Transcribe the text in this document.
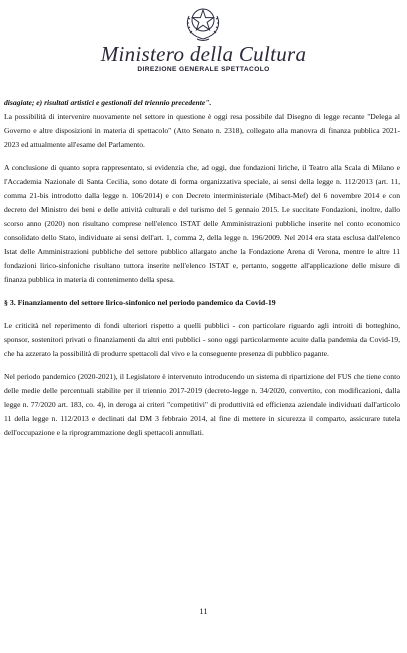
Ministero della Cultura
DIREZIONE GENERALE SPETTACOLO

disagiate; e) risultati artistici e gestionali del triennio precedente".

La possibilità di intervenire nuovamente nel settore in questione è oggi resa possibile dal Disegno di legge recante "Delega al Governo e altre disposizioni in materia di spettacolo" (Atto Senato n. 2318), collegato alla manovra di finanza pubblica 2021-2023 ed attualmente all'esame del Parlamento.

A conclusione di quanto sopra rappresentato, si evidenzia che, ad oggi, due fondazioni liriche, il Teatro alla Scala di Milano e l'Accademia Nazionale di Santa Cecilia, sono dotate di forma organizzativa speciale, ai sensi della legge n. 112/2013 (art. 11, comma 21-bis introdotto dalla legge n. 106/2014) e con Decreto interministeriale (Mibact-Mef) del 6 novembre 2014 e con decreto del Ministro dei beni e delle attività culturali e del turismo del 5 gennaio 2015. Le succitate Fondazioni, inoltre, dallo scorso anno (2020) non risultano comprese nell'elenco ISTAT delle Amministrazioni pubbliche inserite nel conto economico consolidato dello Stato, individuate ai sensi dell'art. 1, comma 2, della legge n. 196/2009. Nel 2014 era stata esclusa dall'elenco Istat delle Amministrazioni pubbliche del settore pubblico allargato anche la Fondazione Arena di Verona, mentre le altre 11 fondazioni lirico-sinfoniche risultano tuttora inserite nell'elenco ISTAT e, pertanto, soggette all'applicazione delle misure di finanza pubblica in materia di contenimento della spesa.

§ 3. Finanziamento del settore lirico-sinfonico nel periodo pandemico da Covid-19

Le criticità nel reperimento di fondi ulteriori rispetto a quelli pubblici - con particolare riguardo agli introiti di botteghino, sponsor, sostenitori privati o finanziamenti da altri enti pubblici - sono oggi particolarmente acuite dalla pandemia da Covid-19, che ha azzerato la possibilità di produrre spettacoli dal vivo e la conseguente presenza di pubblico pagante.

Nel periodo pandemico (2020-2021), il Legislatore è intervenuto introducendo un sistema di ripartizione del FUS che tiene conto delle medie delle percentuali stabilite per il triennio 2017-2019 (decreto-legge n. 34/2020, convertito, con modificazioni, dalla legge n. 77/2020 art. 183, co. 4), in deroga ai criteri "competitivi" di produttività ed efficienza aziendale individuati dall'articolo 11 della legge n. 112/2013 e declinati dal DM 3 febbraio 2014, al fine di mettere in sicurezza il comparto, assicurare tutela dell'occupazione e la riprogrammazione degli spettacoli annullati.

11
